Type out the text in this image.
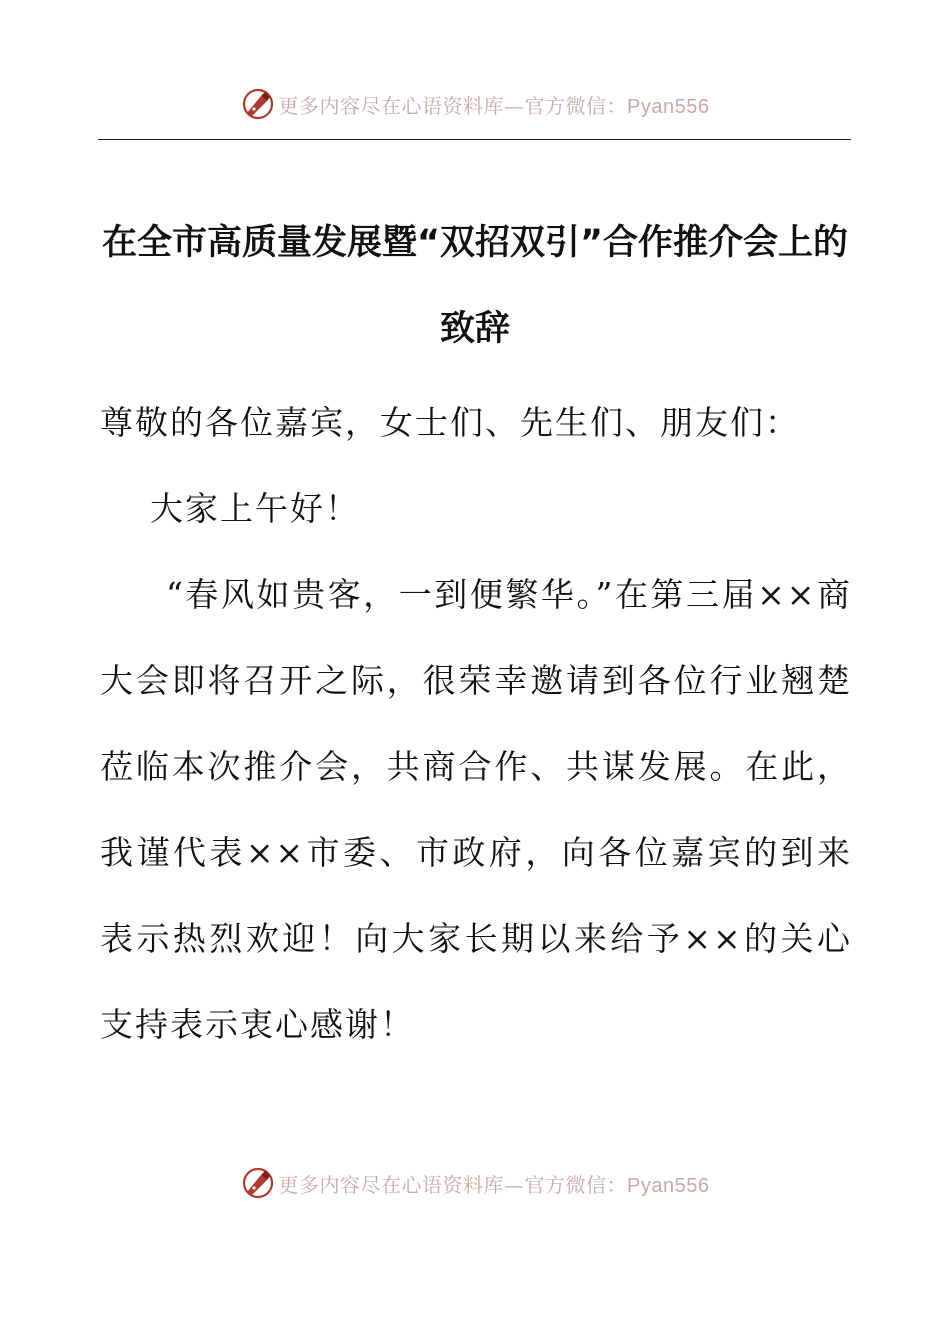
更多内容尽在心语资料库—官方微信：Pyan556
在全市高质量发展暨“双招双引”合作推介会上的致辞

尊敬的各位嘉宾，女士们、先生们、朋友们：

大家上午好！

“春风如贵客，一到便繁华。”在第三届××商大会即将召开之际，很荣幸邀请到各位行业翘楚莅临本次推介会，共商合作、共谋发展。在此，我谨代表××市委、市政府，向各位嘉宾的到来表示热烈欢迎！向大家长期以来给予××的关心支持表示衷心感谢！

更多内容尽在心语资料库—官方微信：Pyan556
